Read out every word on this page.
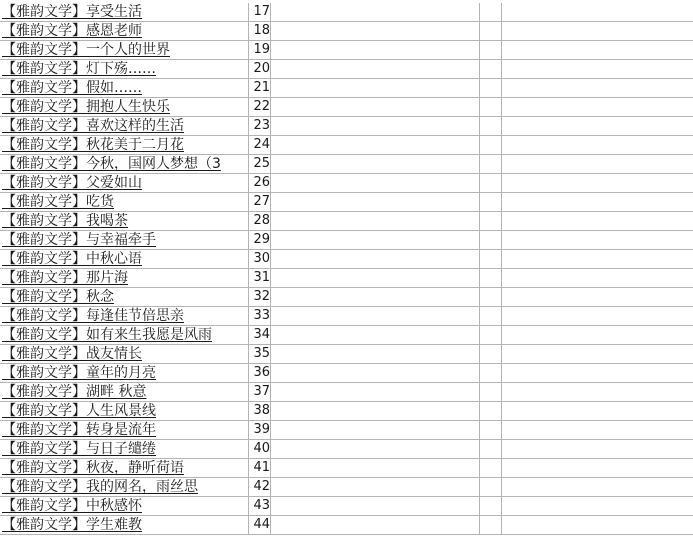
【雅韵文学】享受生活	17
【雅韵文学】感恩老师	18
【雅韵文学】一个人的世界	19
【雅韵文学】灯下殇……	20
【雅韵文学】假如……	21
【雅韵文学】拥抱人生快乐	22
【雅韵文学】喜欢这样的生活	23
【雅韵文学】秋花美于二月花	24
【雅韵文学】今秋，国网人梦想（3	25
【雅韵文学】父爱如山	26
【雅韵文学】吃货	27
【雅韵文学】我喝茶	28
【雅韵文学】与幸福牵手	29
【雅韵文学】中秋心语	30
【雅韵文学】那片海	31
【雅韵文学】秋念	32
【雅韵文学】每逢佳节倍思亲	33
【雅韵文学】如有来生我愿是风雨	34
【雅韵文学】战友情长	35
【雅韵文学】童年的月亮	36
【雅韵文学】湖畔 秋意	37
【雅韵文学】人生风景线	38
【雅韵文学】转身是流年	39
【雅韵文学】与日子缱绻	40
【雅韵文学】秋夜，静听荷语	41
【雅韵文学】我的网名，雨丝思	42
【雅韵文学】中秋感怀	43
【雅韵文学】学生难教	44
